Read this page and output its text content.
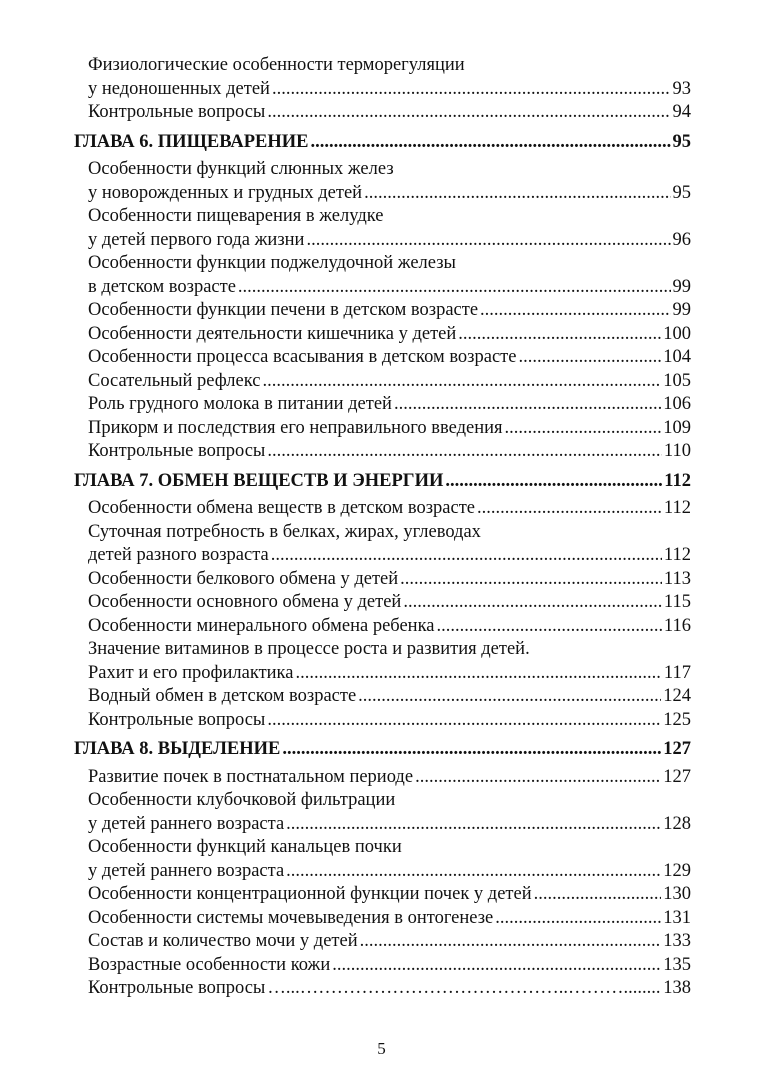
Физиологические особенности терморегуляции
у недоношенных детей ........................................................................... .....	93
Контрольные вопросы .......................................................................... .....	94
ГЛАВА 6. ПИЩЕВАРЕНИЕ ................................................................. .....	95
Особенности функций слюнных желез
у новорожденных и грудных детей ........................................................ .....	95
Особенности пищеварения в желудке
у детей первого года жизни ....................................................................... .....	96
Особенности функции поджелудочной железы
в детском возрасте ....................................................................................... .....	99
Особенности функции печени в детском возрасте ................................ .....	99
Особенности деятельности кишечника у детей ................................... .....	100
Особенности процесса всасывания в детском возрасте ................... .....	104
Сосательный рефлекс ........................................................................... .....	105
Роль грудного молока в питании детей ............................................... .....	106
Прикорм и последствия его неправильного введения ..................... .....	109
Контрольные вопросы ........................................................................... .....	110
ГЛАВА 7. ОБМЕН ВЕЩЕСТВ И ЭНЕРГИИ ................................. .....	112
Особенности обмена веществ в детском возрасте ............................. .....	112
Суточная потребность в белках, жирах, углеводах
детей разного возраста ............................................................................ .....	112
Особенности белкового обмена у детей ............................................. .....	113
Особенности основного обмена у детей ............................................. .....	115
Особенности минерального обмена ребенка ...................................... .....	116
Значение витаминов в процессе роста и развития детей.
Рахит и его профилактика ....................................................................... .....	117
Водный обмен в детском возрасте ....................................................... .....	124
Контрольные вопросы ........................................................................... .....	125
ГЛАВА 8. ВЫДЕЛЕНИЕ .................................................................... .....	127
Развитие почек в постнатальном периоде .......................................... .....	127
Особенности клубочковой фильтрации
у детей раннего возраста ........................................................................ .....	128
Особенности функций канальцев почки
у детей раннего возраста ........................................................................ .....	129
Особенности концентрационной функции почек у детей ............... .....	130
Особенности системы мочевыведения в онтогенезе ......................... .....	131
Состав и количество мочи у детей ....................................................... .....	133
Возрастные особенности кожи ............................................................ .....	135
Контрольные вопросы …...……………………………………..……… .....	138
5
